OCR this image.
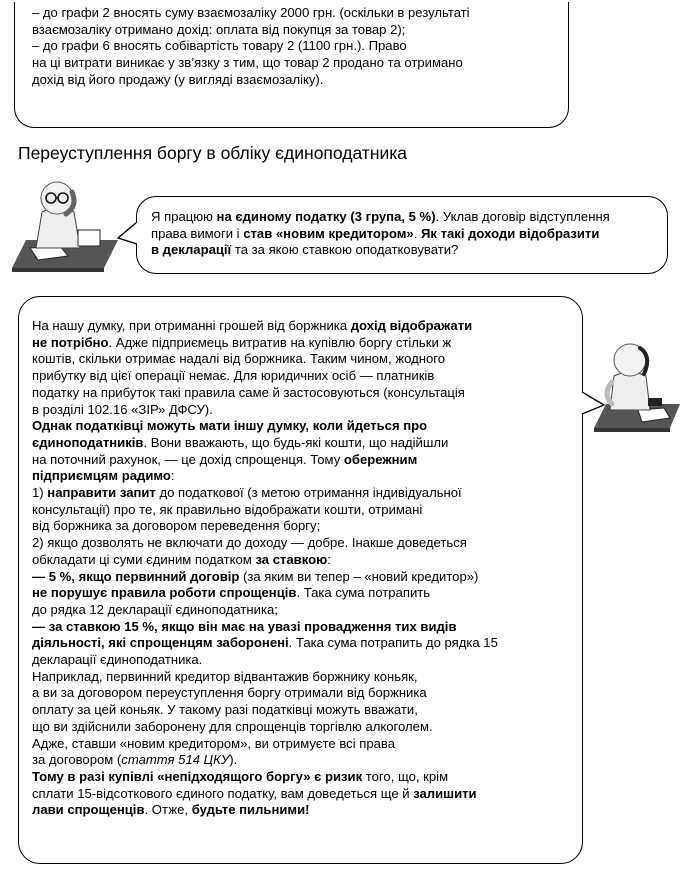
– до графи 2 вносять суму взаємозаліку 2000 грн. (оскільки в результаті
взаємозаліку отримано дохід: оплата від покупця за товар 2);
– до графи 6 вносять собівартість товару 2 (1100 грн.). Право
на ці витрати виникає у зв’язку з тим, що товар 2 продано та отримано
дохід від його продажу (у вигляді взаємозаліку).
Переуступлення боргу в обліку єдиноподатника
Я працюю на єдиному податку (3 група, 5 %). Уклав договір відступлення
права вимоги і став «новим кредитором». Як такі доходи відобразити
в декларації та за якою ставкою оподатковувати?
На нашу думку, при отриманні грошей від боржника дохід відображати
не потрібно. Адже підприємець витратив на купівлю боргу стільки ж
коштів, скільки отримає надалі від боржника. Таким чином, жодного
прибутку від цієї операції немає. Для юридичних осіб — платників
податку на прибуток такі правила саме й застосовуються (консультація
в розділі 102.16 «ЗІР» ДФСУ).
Однак податківці можуть мати іншу думку, коли йдеться про
єдиноподатників. Вони вважають, що будь-які кошти, що надійшли
на поточний рахунок, — це дохід спрощенця. Тому обережним
підприємцям радимо:
1) направити запит до податкової (з метою отримання індивідуальної
консультації) про те, як правильно відображати кошти, отримані
від боржника за договором переведення боргу;
2) якщо дозволять не включати до доходу — добре. Інакше доведеться
обкладати ці суми єдиним податком за ставкою:
— 5 %, якщо первинний договір (за яким ви тепер – «новий кредитор»)
не порушує правила роботи спрощенців. Така сума потрапить
до рядка 12 декларації єдиноподатника;
— за ставкою 15 %, якщо він має на увазі провадження тих видів
діяльності, які спрощенцям заборонені. Така сума потрапить до рядка 15
декларації єдиноподатника.
Наприклад, первинний кредитор відвантажив боржнику коньяк,
а ви за договором переуступлення боргу отримали від боржника
оплату за цей коньяк. У такому разі податківці можуть вважати,
що ви здійснили заборонену для спрощенців торгівлю алкоголем.
Адже, ставши «новим кредитором», ви отримуєте всі права
за договором (стаття 514 ЦКУ).
Тому в разі купівлі «непідходящого боргу» є ризик того, що, крім
сплати 15-відсоткового єдиного податку, вам доведеться ще й залишити
лави спрощенців. Отже, будьте пильними!
